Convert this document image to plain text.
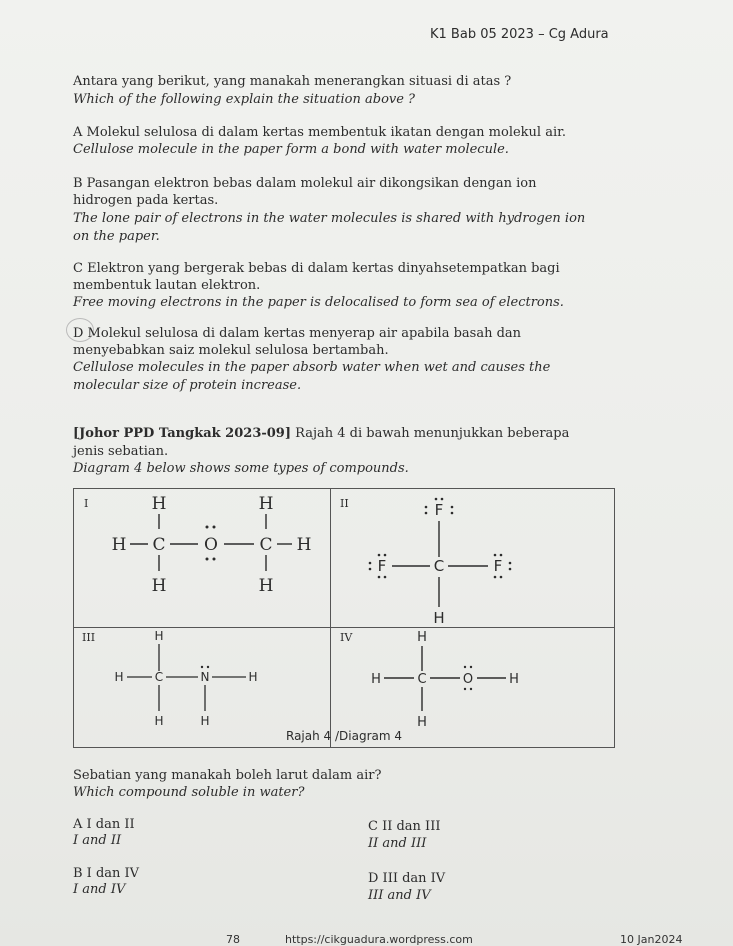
K1 Bab 05 2023 – Cg Adura
Antara yang berikut, yang manakah menerangkan situasi di atas ?
Which of the following explain the situation above ?
A Molekul selulosa di dalam kertas membentuk ikatan dengan molekul air.
Cellulose molecule in the paper form a bond with water molecule.
B Pasangan elektron bebas dalam molekul air dikongsikan dengan ion
hidrogen pada kertas.
The lone pair of electrons in the water molecules is shared with hydrogen ion
on the paper.
C Elektron yang bergerak bebas di dalam kertas dinyahsetempatkan bagi
membentuk lautan elektron.
Free moving electrons in the paper is delocalised to form sea of electrons.
D Molekul selulosa di dalam kertas menyerap air apabila basah dan
menyebabkan saiz molekul selulosa bertambah.
Cellulose molecules in the paper absorb water when wet and causes the
molecular size of protein increase.
[Johor PPD Tangkak 2023-09] Rajah 4 di bawah menunjukkan beberapa
jenis sebatian.
Diagram 4 below shows some types of compounds.
I	II
III	IV
H	H
H C O C H
H	H
F
F	C	F
H
H
H	C	N	H
H	H
H
H	C	O	H
H
Rajah 4 /Diagram 4
Sebatian yang manakah boleh larut dalam air?
Which compound soluble in water?
A I dan II
I and II
C II dan III
II and III
B I dan IV
I and IV
D III dan IV
III and IV
78	https://cikguadura.wordpress.com	10 Jan2024
